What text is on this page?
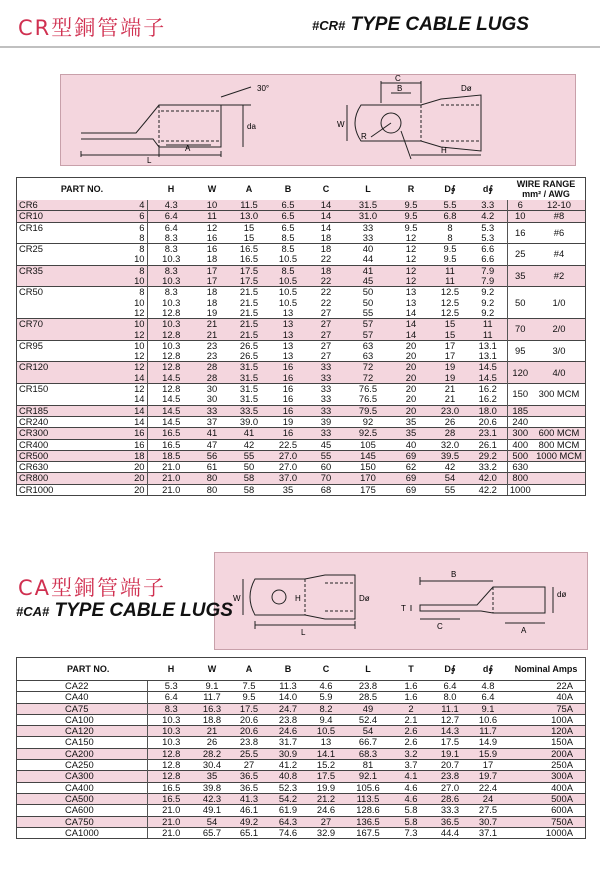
CR型銅管端子	#CR# TYPE CABLE LUGS
30°
da
A
L
C
B	Dø
W
R
H
PART NO.		H	W	A	B	C	L	R	D∮	d∮	WIRE RANGE
mm² / AWG	

CR6	4	4.3	10	11.5	6.5	14	31.5	9.5	5.5	3.3	6	12-10
CR10	6	6.4	11	13.0	6.5	14	31.0	9.5	6.8	4.2	10	#8
CR16	6	6.4	12	15	6.5	14	33	9.5	8	5.3	16	#6
	8	8.3	16	15	8.5	18	33	12	8	5.3		
CR25	8	8.3	16	16.5	8.5	18	40	12	9.5	6.6	25	#4
	10	10.3	18	16.5	10.5	22	44	12	9.5	6.6		
CR35	8	8.3	17	17.5	8.5	18	41	12	11	7.9	35	#2
	10	10.3	17	17.5	10.5	22	45	12	11	7.9		
CR50	8	8.3	18	21.5	10.5	22	50	13	12.5	9.2	50	1/0
	10	10.3	18	21.5	10.5	22	50	13	12.5	9.2		
	12	12.8	19	21.5	13	27	55	14	12.5	9.2		
CR70	10	10.3	21	21.5	13	27	57	14	15	11	70	2/0
	12	12.8	21	21.5	13	27	57	14	15	11		
CR95	10	10.3	23	26.5	13	27	63	20	17	13.1	95	3/0
	12	12.8	23	26.5	13	27	63	20	17	13.1		
CR120	12	12.8	28	31.5	16	33	72	20	19	14.5	120	4/0
	14	14.5	28	31.5	16	33	72	20	19	14.5		
CR150	12	12.8	30	31.5	16	33	76.5	20	21	16.2	150	300 MCM
	14	14.5	30	31.5	16	33	76.5	20	21	16.2		
CR185	14	14.5	33	33.5	16	33	79.5	20	23.0	18.0	185	
CR240	14	14.5	37	39.0	19	39	92	35	26	20.6	240	
CR300	16	16.5	41	41	16	33	92.5	35	28	23.1	300	600 MCM
CR400	16	16.5	47	42	22.5	45	105	40	32.0	26.1	400	800 MCM
CR500	18	18.5	56	55	27.0	55	145	69	39.5	29.2	500	1000 MCM
CR630	20	21.0	61	50	27.0	60	150	62	42	33.2	630	
CR800	20	21.0	80	58	37.0	70	170	69	54	42.0	800	
CR1000	20	21.0	80	58	35	68	175	69	55	42.2	1000	
W	H	Dø
L
B
T
C	A
dø
CA型銅管端子
#CA# TYPE CABLE LUGS
PART NO.	H	W	A	B	C	L	T	D∮	d∮	Nominal Amps
CA22	5.3	9.1	7.5	11.3	4.6	23.8	1.6	6.4	4.8	22A
CA40	6.4	11.7	9.5	14.0	5.9	28.5	1.6	8.0	6.4	40A
CA75	8.3	16.3	17.5	24.7	8.2	49	2	11.1	9.1	75A
CA100	10.3	18.8	20.6	23.8	9.4	52.4	2.1	12.7	10.6	100A
CA120	10.3	21	20.6	24.6	10.5	54	2.6	14.3	11.7	120A
CA150	10.3	26	23.8	31.7	13	66.7	2.6	17.5	14.9	150A
CA200	12.8	28.2	25.5	30.9	14.1	68.3	3.2	19.1	15.9	200A
CA250	12.8	30.4	27	41.2	15.2	81	3.7	20.7	17	250A
CA300	12.8	35	36.5	40.8	17.5	92.1	4.1	23.8	19.7	300A
CA400	16.5	39.8	36.5	52.3	19.9	105.6	4.6	27.0	22.4	400A
CA500	16.5	42.3	41.3	54.2	21.2	113.5	4.6	28.6	24	500A
CA600	21.0	49.1	46.1	61.9	24.6	128.6	5.8	33.3	27.5	600A
CA750	21.0	54	49.2	64.3	27	136.5	5.8	36.5	30.7	750A
CA1000	21.0	65.7	65.1	74.6	32.9	167.5	7.3	44.4	37.1	1000A
